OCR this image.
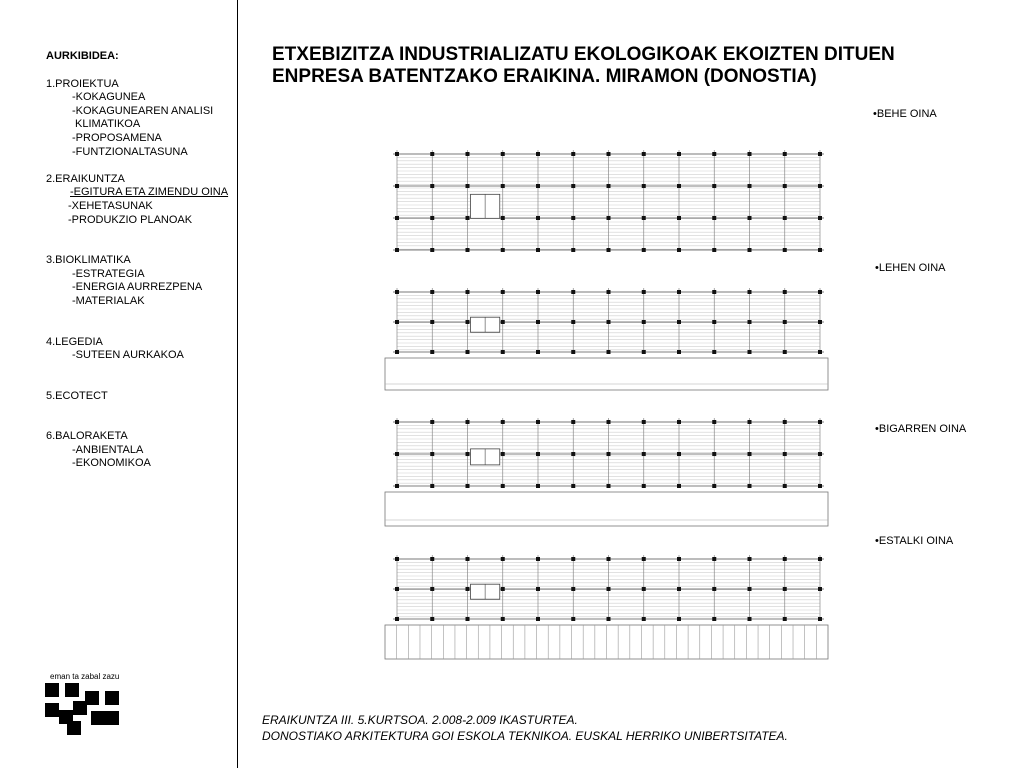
AURKIBIDEA:
1.PROIEKTUA
-KOKAGUNEA
-KOKAGUNEAREN ANALISI
KLIMATIKOA
-PROPOSAMENA
-FUNTZIONALTASUNA
2.ERAIKUNTZA
-EGITURA ETA ZIMENDU OINA
-XEHETASUNAK
-PRODUKZIO PLANOAK
3.BIOKLIMATIKA
-ESTRATEGIA
-ENERGIA AURREZPENA
-MATERIALAK
4.LEGEDIA
-SUTEEN AURKAKOA
5.ECOTECT
6.BALORAKETA
-ANBIENTALA
-EKONOMIKOA
eman ta zabal zazu
ETXEBIZITZA INDUSTRIALIZATU EKOLOGIKOAK EKOIZTEN DITUEN
ENPRESA BATENTZAKO ERAIKINA. MIRAMON (DONOSTIA)
•BEHE OINA
•LEHEN OINA
•BIGARREN OINA
•ESTALKI OINA
ERAIKUNTZA III. 5.KURTSOA. 2.008-2.009 IKASTURTEA.
DONOSTIAKO ARKITEKTURA GOI ESKOLA TEKNIKOA. EUSKAL HERRIKO UNIBERTSITATEA.
